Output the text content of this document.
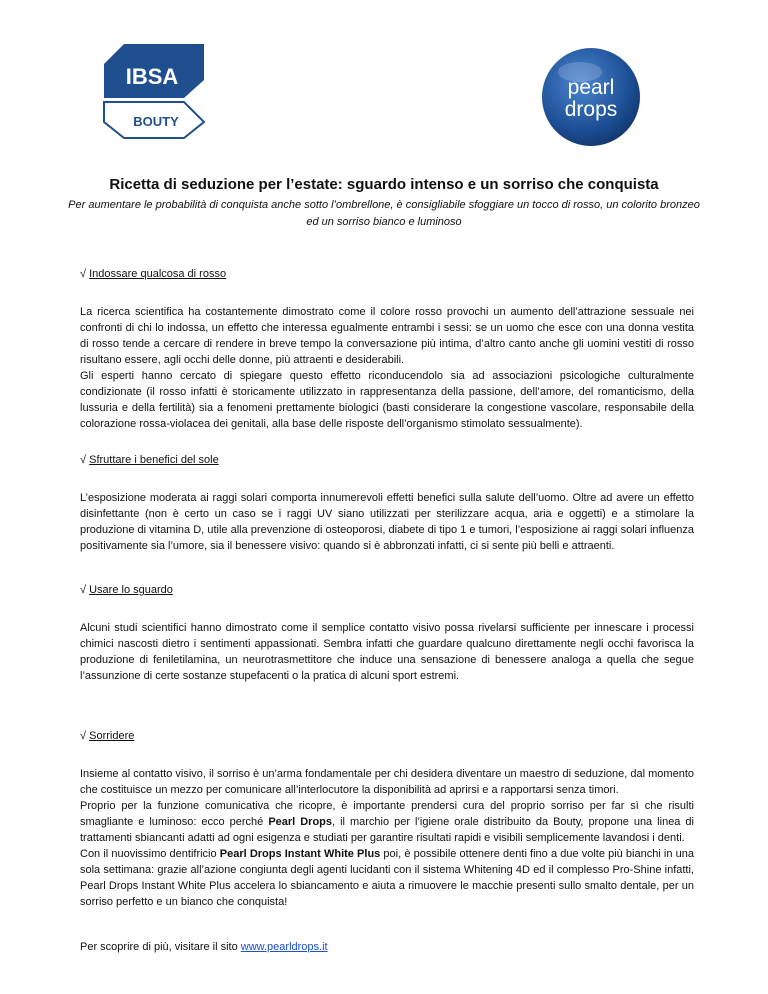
IBSA
BOUTY
pearl
drops
Ricetta di seduzione per l’estate: sguardo intenso e un sorriso che conquista
Per aumentare le probabilità di conquista anche sotto l’ombrellone, è consigliabile sfoggiare un tocco di rosso, un colorito bronzeo ed un sorriso bianco e luminoso
√ Indossare qualcosa di rosso

La ricerca scientifica ha costantemente dimostrato come il colore rosso provochi un aumento dell’attrazione sessuale nei confronti di chi lo indossa, un effetto che interessa egualmente entrambi i sessi: se un uomo che esce con una donna vestita di rosso tende a cercare di rendere in breve tempo la conversazione più intima, d’altro canto anche gli uomini vestiti di rosso risultano essere, agli occhi delle donne, più attraenti e desiderabili.

Gli esperti hanno cercato di spiegare questo effetto riconducendolo sia ad associazioni psicologiche culturalmente condizionate (il rosso infatti è storicamente utilizzato in rappresentanza della passione, dell’amore, del romanticismo, della lussuria e della fertilità) sia a fenomeni prettamente biologici (basti considerare la congestione vascolare, responsabile della colorazione rossa-violacea dei genitali, alla base delle risposte dell’organismo stimolato sessualmente).

√ Sfruttare i benefici del sole

L’esposizione moderata ai raggi solari comporta innumerevoli effetti benefici sulla salute dell’uomo. Oltre ad avere un effetto disinfettante (non è certo un caso se i raggi UV siano utilizzati per sterilizzare acqua, aria e oggetti) e a stimolare la produzione di vitamina D, utile alla prevenzione di osteoporosi, diabete di tipo 1 e tumori, l’esposizione ai raggi solari influenza positivamente sia l’umore, sia il benessere visivo: quando si è abbronzati infatti, ci si sente più belli e attraenti.

√ Usare lo sguardo

Alcuni studi scientifici hanno dimostrato come il semplice contatto visivo possa rivelarsi sufficiente per innescare i processi chimici nascosti dietro i sentimenti appassionati. Sembra infatti che guardare qualcuno direttamente negli occhi favorisca la produzione di feniletilamina, un neurotrasmettitore che induce una sensazione di benessere analoga a quella che segue l’assunzione di certe sostanze stupefacenti o la pratica di alcuni sport estremi.

√ Sorridere

Insieme al contatto visivo, il sorriso è un’arma fondamentale per chi desidera diventare un maestro di seduzione, dal momento che costituisce un mezzo per comunicare all’interlocutore la disponibilità ad aprirsi e a rapportarsi senza timori.

Proprio per la funzione comunicativa che ricopre, è importante prendersi cura del proprio sorriso per far sì che risulti smagliante e luminoso: ecco perché Pearl Drops, il marchio per l’igiene orale distribuito da Bouty, propone una linea di trattamenti sbiancanti adatti ad ogni esigenza e studiati per garantire risultati rapidi e visibili semplicemente lavandosi i denti.

Con il nuovissimo dentifricio Pearl Drops Instant White Plus poi, è possibile ottenere denti fino a due volte più bianchi in una sola settimana: grazie all’azione congiunta degli agenti lucidanti con il sistema Whitening 4D ed il complesso Pro-Shine infatti, Pearl Drops Instant White Plus accelera lo sbiancamento e aiuta a rimuovere le macchie presenti sullo smalto dentale, per un sorriso perfetto e un bianco che conquista!

Per scoprire di più, visitare il sito www.pearldrops.it
